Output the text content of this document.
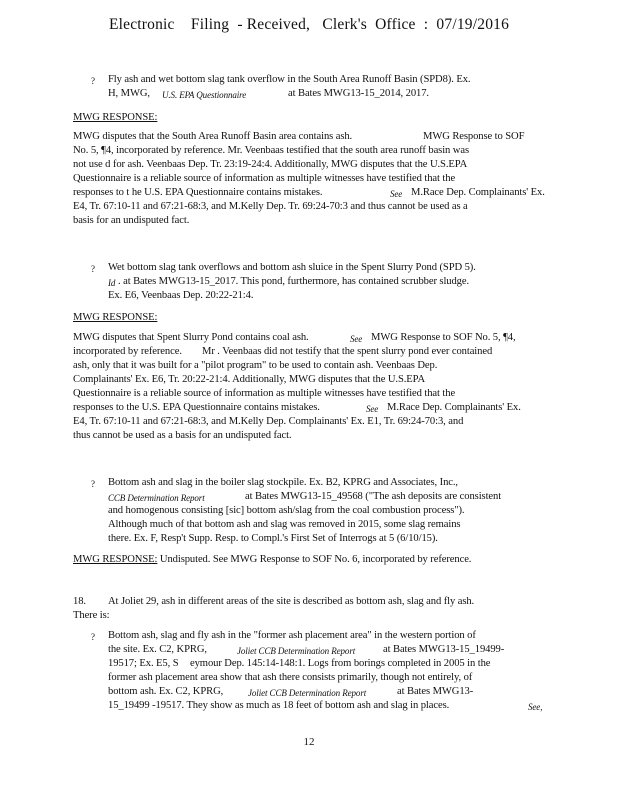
Electronic    Filing  - Received,   Clerk's  Office  :  07/19/2016
? Fly ash and wet bottom slag tank overflow in the South Area Runoff Basin (SPD8). Ex.
H, MWG, U.S. EPA Questionnaire	at Bates MWG13-15_2014, 2017.
MWG RESPONSE:
MWG disputes that the South Area Runoff Basin area contains ash.	MWG Response to SOF
No. 5, ¶4, incorporated by reference. Mr. Veenbaas testified that the south area runoff basin was
not use d for ash. Veenbaas Dep. Tr. 23:19-24:4. Additionally, MWG disputes that the U.S.EPA
Questionnaire is a reliable source of information as multiple witnesses have testified that the
responses to t he U.S. EPA Questionnaire contains mistakes.	See M.Race Dep. Complainants' Ex.
E4, Tr. 67:10-11 and 67:21-68:3, and M.Kelly Dep. Tr. 69:24-70:3 and thus cannot be used as a
basis for an undisputed fact.
? Wet bottom slag tank overflows and bottom ash sluice in the Spent Slurry Pond (SPD 5).
Id . at Bates MWG13-15_2017. This pond, furthermore, has contained scrubber sludge.
Ex. E6, Veenbaas Dep. 20:22-21:4.
MWG RESPONSE:
MWG disputes that Spent Slurry Pond contains coal ash.	See MWG Response to SOF No. 5, ¶4,
incorporated by reference. Mr . Veenbaas did not testify that the spent slurry pond ever contained
ash, only that it was built for a "pilot program" to be used to contain ash. Veenbaas Dep.
Complainants' Ex. E6, Tr. 20:22-21:4. Additionally, MWG disputes that the U.S.EPA
Questionnaire is a reliable source of information as multiple witnesses have testified that the
responses to the U.S. EPA Questionnaire contains mistakes.	See M.Race Dep. Complainants' Ex.
E4, Tr. 67:10-11 and 67:21-68:3, and M.Kelly Dep. Complainants' Ex. E1, Tr. 69:24-70:3, and
thus cannot be used as a basis for an undisputed fact.
? Bottom ash and slag in the boiler slag stockpile. Ex. B2, KPRG and Associates, Inc.,
CCB Determination Report	at Bates MWG13-15_49568 ("The ash deposits are consistent
and homogenous consisting [sic] bottom ash/slag from the coal combustion process").
Although much of that bottom ash and slag was removed in 2015, some slag remains
there. Ex. F, Resp't Supp. Resp. to Compl.'s First Set of Interrogs at 5 (6/10/15).
MWG RESPONSE: Undisputed. See MWG Response to SOF No. 6, incorporated by reference.
18. At Joliet 29, ash in different areas of the site is described as bottom ash, slag and fly ash.
There is:
? Bottom ash, slag and fly ash in the "former ash placement area" in the western portion of
the site. Ex. C2, KPRG,	Joliet CCB Determination Report	at Bates MWG13-15_19499-
19517; Ex. E5, S eymour Dep. 145:14-148:1. Logs from borings completed in 2005 in the
former ash placement area show that ash there consists primarily, though not entirely, of
bottom ash. Ex. C2, KPRG,	Joliet CCB Determination Report	at Bates MWG13-
15_19499 -19517. They show as much as 18 feet of bottom ash and slag in places.	See,
12
